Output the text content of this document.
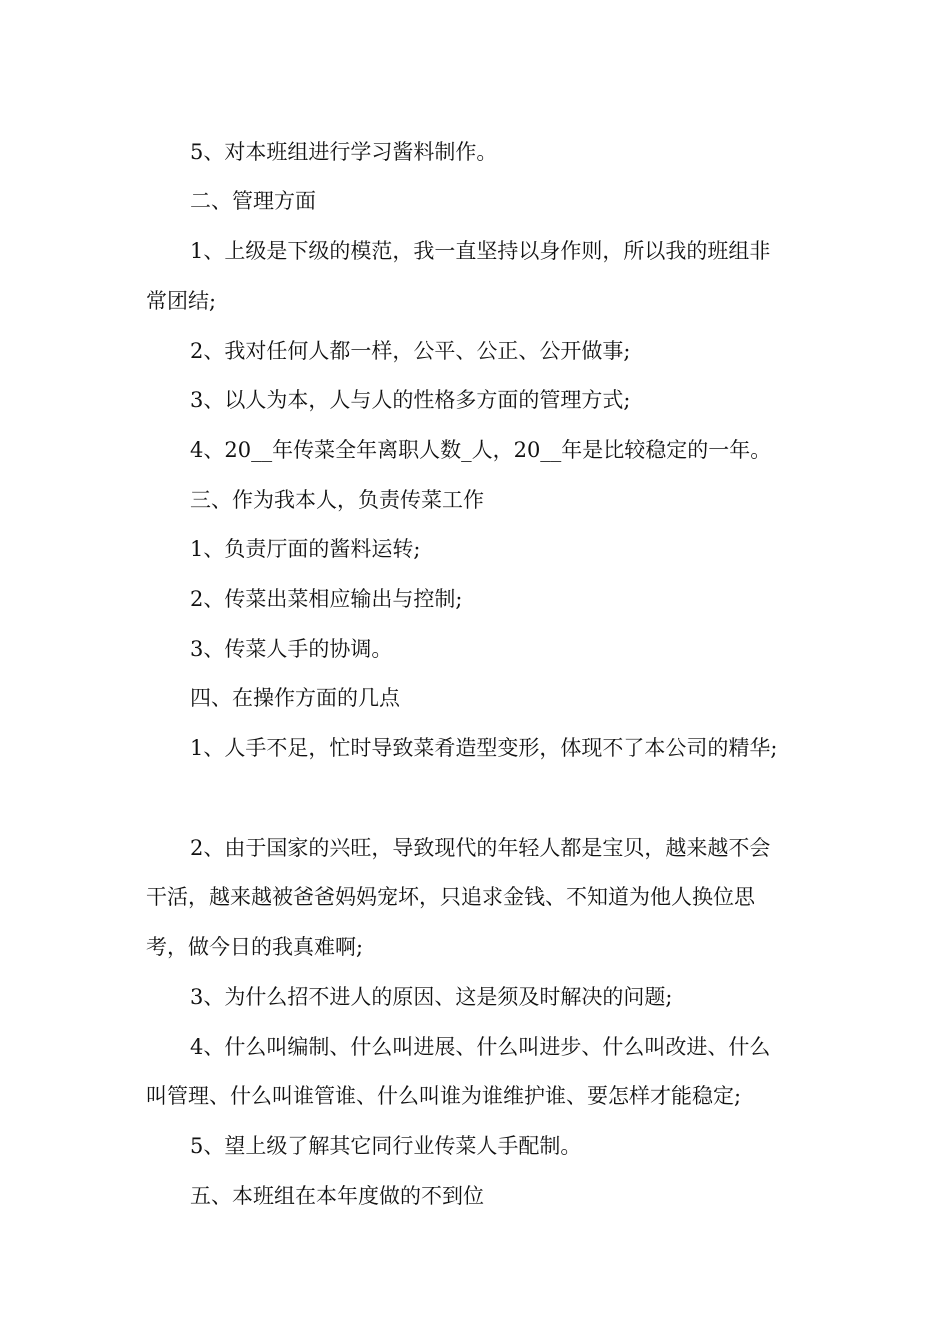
5、对本班组进行学习酱料制作。
二、管理方面
1、上级是下级的模范，我一直坚持以身作则，所以我的班组非
常团结;
2、我对任何人都一样，公平、公正、公开做事;
3、以人为本，人与人的性格多方面的管理方式;
4、20__年传菜全年离职人数_人，20__年是比较稳定的一年。
三、作为我本人，负责传菜工作
1、负责厅面的酱料运转;
2、传菜出菜相应输出与控制;
3、传菜人手的协调。
四、在操作方面的几点
1、人手不足，忙时导致菜肴造型变形，体现不了本公司的精华;
2、由于国家的兴旺，导致现代的年轻人都是宝贝，越来越不会
干活，越来越被爸爸妈妈宠坏，只追求金钱、不知道为他人换位思
考，做今日的我真难啊;
3、为什么招不进人的原因、这是须及时解决的问题;
4、什么叫编制、什么叫进展、什么叫进步、什么叫改进、什么
叫管理、什么叫谁管谁、什么叫谁为谁维护谁、要怎样才能稳定;
5、望上级了解其它同行业传菜人手配制。
五、本班组在本年度做的不到位
